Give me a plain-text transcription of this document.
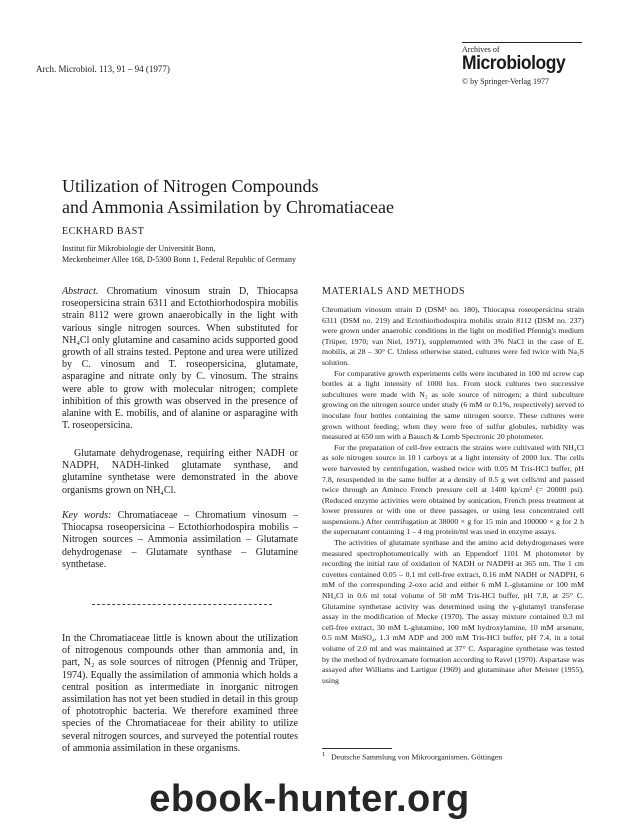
Arch. Microbiol. 113, 91 – 94 (1977)
Archives of
Microbiology
© by Springer-Verlag 1977
Utilization of Nitrogen Compounds
and Ammonia Assimilation by Chromatiaceae
ECKHARD BAST
Institut für Mikrobiologie der Universität Bonn,
Meckenheimer Allee 168, D-5300 Bonn 1, Federal Republic of Germany

Abstract. Chromatium vinosum strain D, Thiocapsa roseopersicina strain 6311 and Ectothiorhodospira mobilis strain 8112 were grown anaerobically in the light with various single nitrogen sources. When substituted for NH₄Cl only glutamine and casamino acids supported good growth of all strains tested. Peptone and urea were utilized by C. vinosum and T. roseopersicina, glutamate, asparagine and nitrate only by C. vinosum. The strains were able to grow with molecular nitrogen; complete inhibition of this growth was observed in the presence of alanine with E. mobilis, and of alanine or asparagine with T. roseopersicina.

Glutamate dehydrogenase, requiring either NADH or NADPH, NADH-linked glutamate synthase, and glutamine synthetase were demonstrated in the above organisms grown on NH₄Cl.

Key words: Chromatiaceae – Chromatium vinosum – Thiocapsa roseopersicina – Ectothiorhodospira mobilis – Nitrogen sources – Ammonia assimilation – Glutamate dehydrogenase – Glutamate synthase – Glutamine synthetase.

In the Chromatiaceae little is known about the utilization of nitrogenous compounds other than ammonia and, in part, N₂ as sole sources of nitrogen (Pfennig and Trüper, 1974). Equally the assimilation of ammonia which holds a central position as intermediate in inorganic nitrogen assimilation has not yet been studied in detail in this group of phototrophic bacteria. We therefore examined three species of the Chromatiaceae for their ability to utilize several nitrogen sources, and surveyed the potential routes of ammonia assimilation in these organisms.

MATERIALS AND METHODS

Chromatium vinosum strain D (DSM¹ no. 180), Thiocapsa roseopersicina strain 6311 (DSM no. 219) and Ectothiorhodospira mobilis strain 8112 (DSM no. 237) were grown under anaerobic conditions in the light on modified Pfennig's medium (Trüper, 1970; van Niel, 1971), supplemented with 3% NaCl in the case of E. mobilis, at 28 – 30° C. Unless otherwise stated, cultures were fed twice with Na₂S solution.

For comparative growth experiments cells were incubated in 100 ml screw cap bottles at a light intensity of 1000 lux. From stock cultures two successive subcultures were made with N₂ as sole source of nitrogen; a third subculture growing on the nitrogen source under study (6 mM or 0.1%, respectively) served to inoculate four bottles containing the same nitrogen source. These cultures were grown without feeding; when they were free of sulfur globules, turbidity was measured at 650 nm with a Bausch & Lomb Spectronic 20 photometer.

For the preparation of cell-free extracts the strains were cultivated with NH₄Cl as sole nitrogen source in 10 l carboys at a light intensity of 2000 lux. The cells were harvested by centrifugation, washed twice with 0.05 M Tris-HCl buffer, pH 7.8, resuspended in the same buffer at a density of 0.5 g wet cells/ml and passed twice through an Aminco French pressure cell at 1400 kp/cm² (= 20000 psi). (Reduced enzyme activities were obtained by sonication, French press treatment at lower pressures or with one or three passages, or using less concentrated cell suspensions.) After centrifugation at 38000 × g for 15 min and 100000 × g for 2 h the supernatant containing 1 – 4 mg protein/ml was used in enzyme assays.

The activities of glutamate synthase and the amino acid dehydrogenases were measured spectrophotometrically with an Eppendorf 1101 M photometer by recording the initial rate of oxidation of NADH or NADPH at 365 nm. The 1 cm cuvettes contained 0.05 – 0.1 ml cell-free extract, 0.16 mM NADH or NADPH, 6 mM of the corresponding 2-oxo acid and either 6 mM L-glutamine or 100 mM NH₄Cl in 0.6 ml total volume of 50 mM Tris-HCl buffer, pH 7.8, at 25° C. Glutamine synthetase activity was determined using the γ-glutamyl transferase assay in the modification of Mecke (1970). The assay mixture contained 0.3 ml cell-free extract, 30 mM L-glutamine, 100 mM hydroxylamine, 10 mM arsenate, 0.5 mM MnSO₄, 1.3 mM ADP and 200 mM Tris-HCl buffer, pH 7.4, in a total volume of 2.0 ml and was maintained at 37° C. Asparagine synthetase was tested by the method of hydroxamate formation according to Ravel (1970). Aspartase was assayed after Williams and Lartigue (1969) and glutaminase after Meister (1955), using

$^1$ Deutsche Sammlung von Mikroorganismen, Göttingen
ebook-hunter.org
